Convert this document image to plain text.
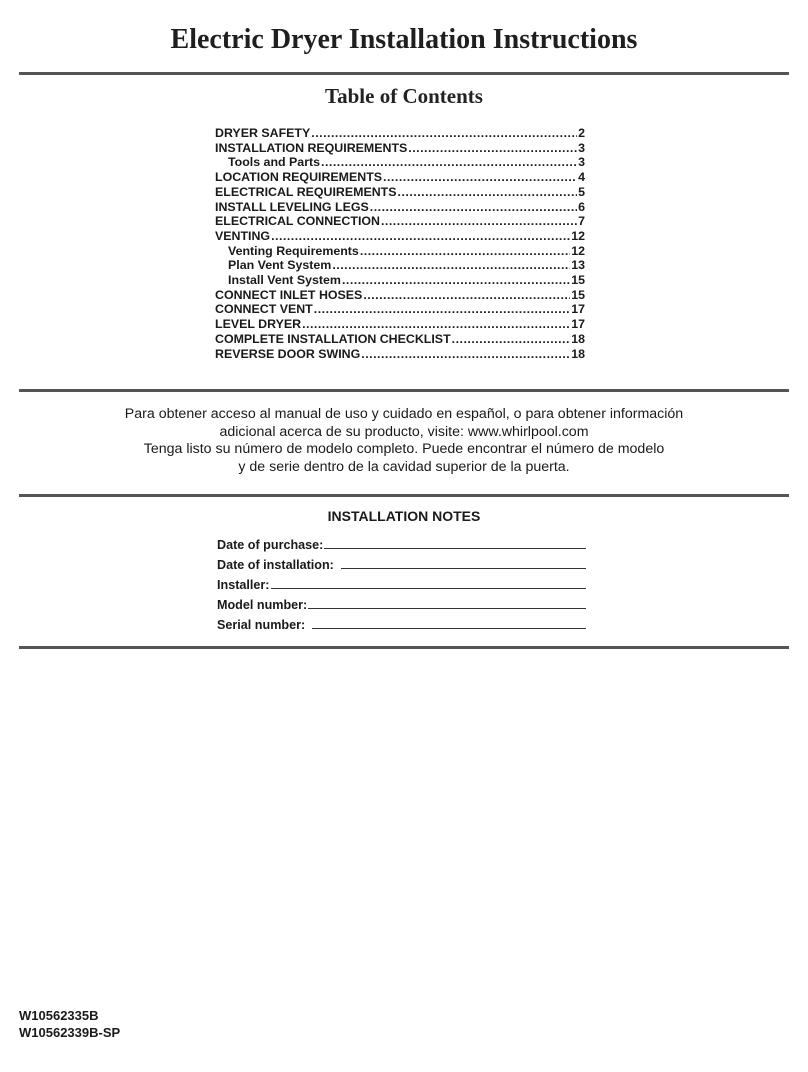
Electric Dryer Installation Instructions
Table of Contents
DRYER SAFETY .....	2
INSTALLATION REQUIREMENTS .....	3
Tools and Parts .....	3
LOCATION REQUIREMENTS .....	4
ELECTRICAL REQUIREMENTS .....	5
INSTALL LEVELING LEGS .....	6
ELECTRICAL CONNECTION .....	7
VENTING .....	12
Venting Requirements .....	12
Plan Vent System .....	13
Install Vent System .....	15
CONNECT INLET HOSES .....	15
CONNECT VENT .....	17
LEVEL DRYER .....	17
COMPLETE INSTALLATION CHECKLIST .....	18
REVERSE DOOR SWING .....	18
Para obtener acceso al manual de uso y cuidado en español, o para obtener información
adicional acerca de su producto, visite: www.whirlpool.com
Tenga listo su número de modelo completo. Puede encontrar el número de modelo
y de serie dentro de la cavidad superior de la puerta.
INSTALLATION NOTES
Date of purchase:
Date of installation:
Installer:
Model number:
Serial number:
W10562335B
W10562339B-SP
